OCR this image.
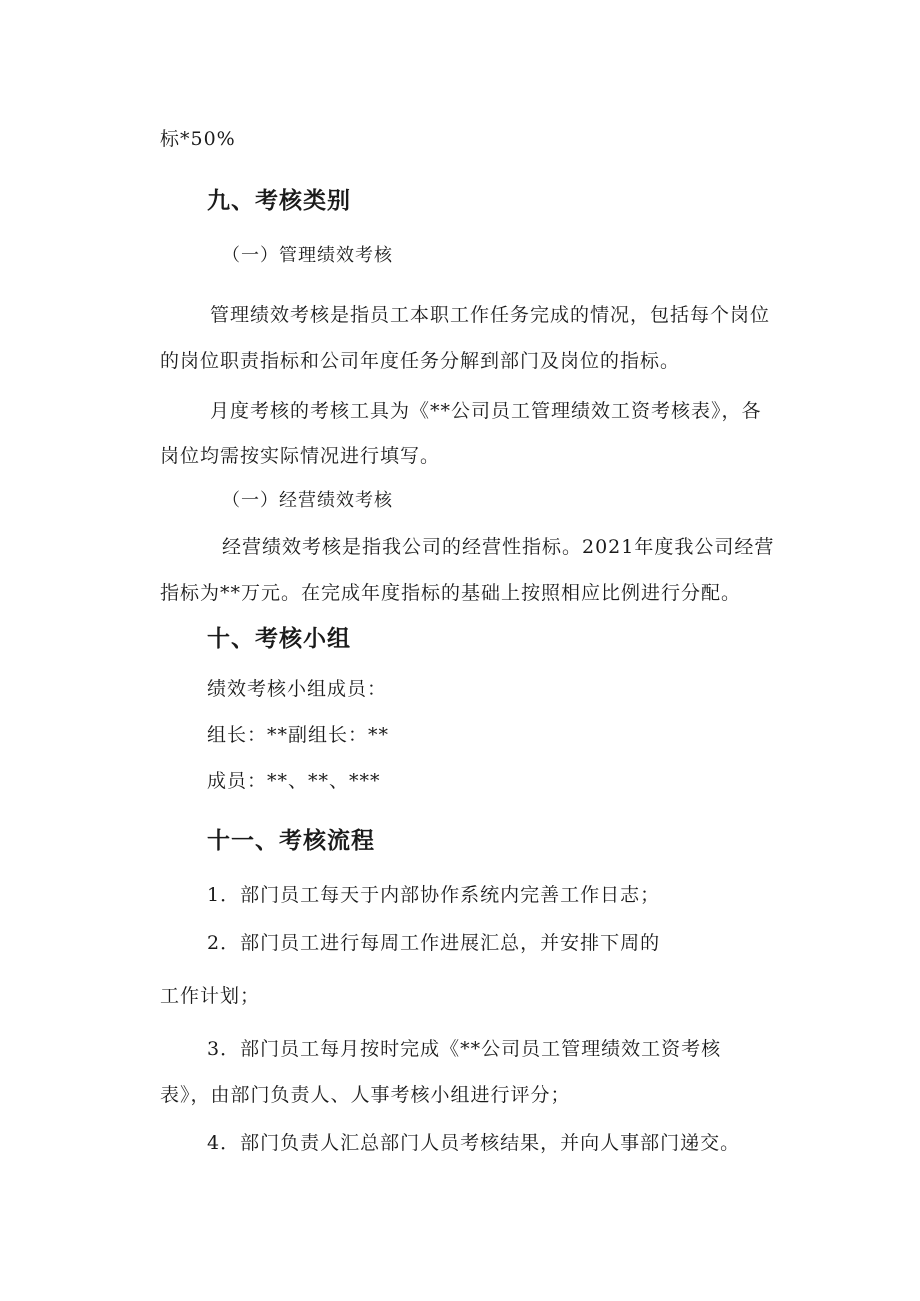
标*50%
九、考核类别
（一）管理绩效考核
管理绩效考核是指员工本职工作任务完成的情况，包括每个岗位
的岗位职责指标和公司年度任务分解到部门及岗位的指标。
月度考核的考核工具为《**公司员工管理绩效工资考核表》，各
岗位均需按实际情况进行填写。
（一）经营绩效考核
经营绩效考核是指我公司的经营性指标。2021年度我公司经营
指标为**万元。在完成年度指标的基础上按照相应比例进行分配。
十、考核小组
绩效考核小组成员：
组长：**副组长：**
成员：**、**、***
十一、考核流程
1．部门员工每天于内部协作系统内完善工作日志；
2．部门员工进行每周工作进展汇总，并安排下周的
工作计划；
3．部门员工每月按时完成《**公司员工管理绩效工资考核
表》，由部门负责人、人事考核小组进行评分；
4．部门负责人汇总部门人员考核结果，并向人事部门递交。
